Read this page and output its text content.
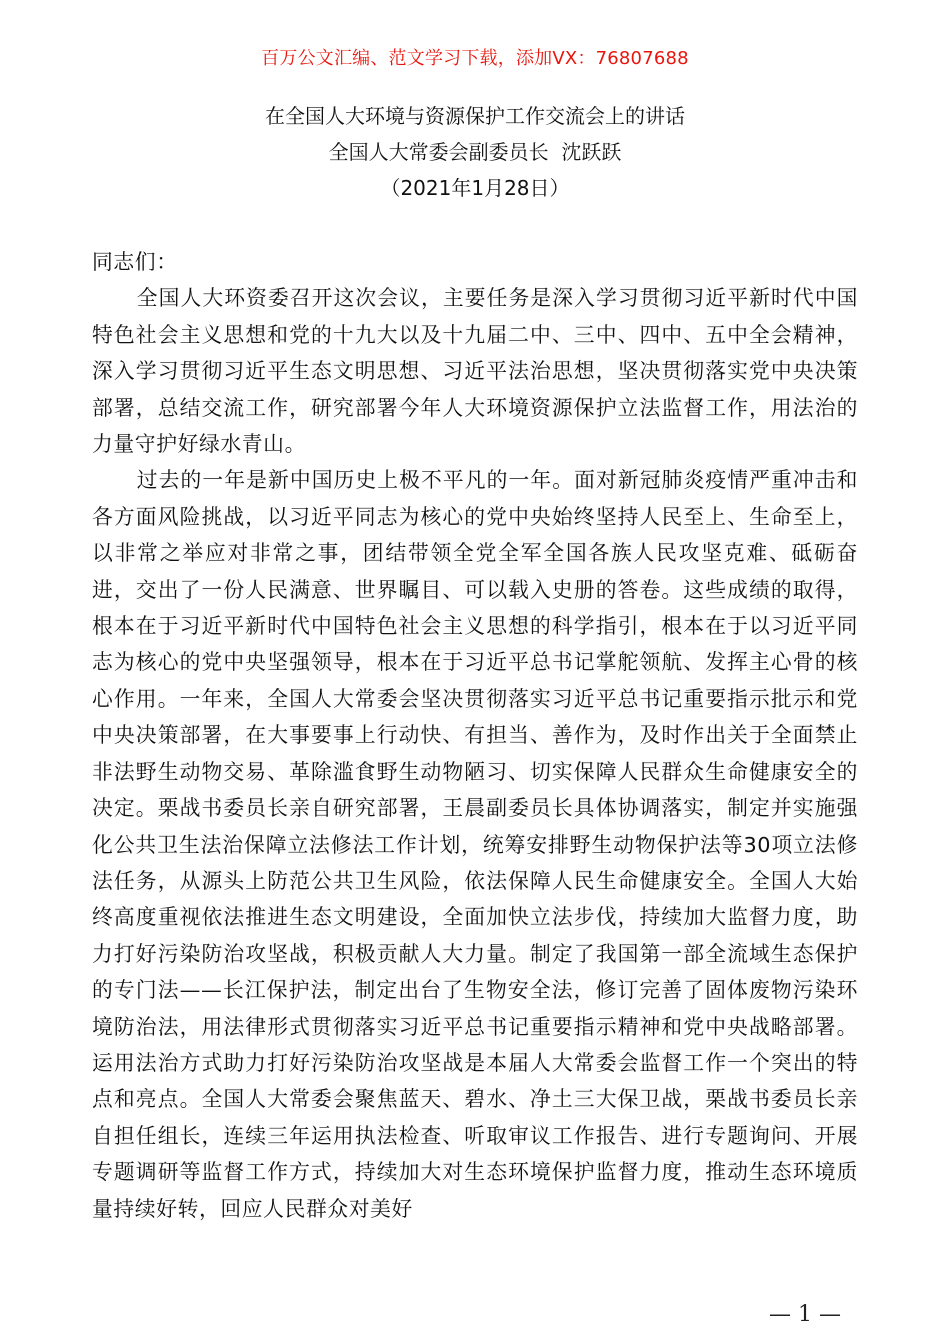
百万公文汇编、范文学习下载，添加VX：76807688
在全国人大环境与资源保护工作交流会上的讲话
全国人大常委会副委员长  沈跃跃
（2021年1月28日）

同志们：

全国人大环资委召开这次会议，主要任务是深入学习贯彻习近平新时代中国特色社会主义思想和党的十九大以及十九届二中、三中、四中、五中全会精神，深入学习贯彻习近平生态文明思想、习近平法治思想，坚决贯彻落实党中央决策部署，总结交流工作，研究部署今年人大环境资源保护立法监督工作，用法治的力量守护好绿水青山。

过去的一年是新中国历史上极不平凡的一年。面对新冠肺炎疫情严重冲击和各方面风险挑战，以习近平同志为核心的党中央始终坚持人民至上、生命至上，以非常之举应对非常之事，团结带领全党全军全国各族人民攻坚克难、砥砺奋进，交出了一份人民满意、世界瞩目、可以载入史册的答卷。这些成绩的取得，根本在于习近平新时代中国特色社会主义思想的科学指引，根本在于以习近平同志为核心的党中央坚强领导，根本在于习近平总书记掌舵领航、发挥主心骨的核心作用。一年来，全国人大常委会坚决贯彻落实习近平总书记重要指示批示和党中央决策部署，在大事要事上行动快、有担当、善作为，及时作出关于全面禁止非法野生动物交易、革除滥食野生动物陋习、切实保障人民群众生命健康安全的决定。栗战书委员长亲自研究部署，王晨副委员长具体协调落实，制定并实施强化公共卫生法治保障立法修法工作计划，统筹安排野生动物保护法等30项立法修法任务，从源头上防范公共卫生风险，依法保障人民生命健康安全。全国人大始终高度重视依法推进生态文明建设，全面加快立法步伐，持续加大监督力度，助力打好污染防治攻坚战，积极贡献人大力量。制定了我国第一部全流域生态保护的专门法——长江保护法，制定出台了生物安全法，修订完善了固体废物污染环境防治法，用法律形式贯彻落实习近平总书记重要指示精神和党中央战略部署。运用法治方式助力打好污染防治攻坚战是本届人大常委会监督工作一个突出的特点和亮点。全国人大常委会聚焦蓝天、碧水、净土三大保卫战，栗战书委员长亲自担任组长，连续三年运用执法检查、听取审议工作报告、进行专题询问、开展专题调研等监督工作方式，持续加大对生态环境保护监督力度，推动生态环境质量持续好转，回应人民群众对美好

— 1 —
